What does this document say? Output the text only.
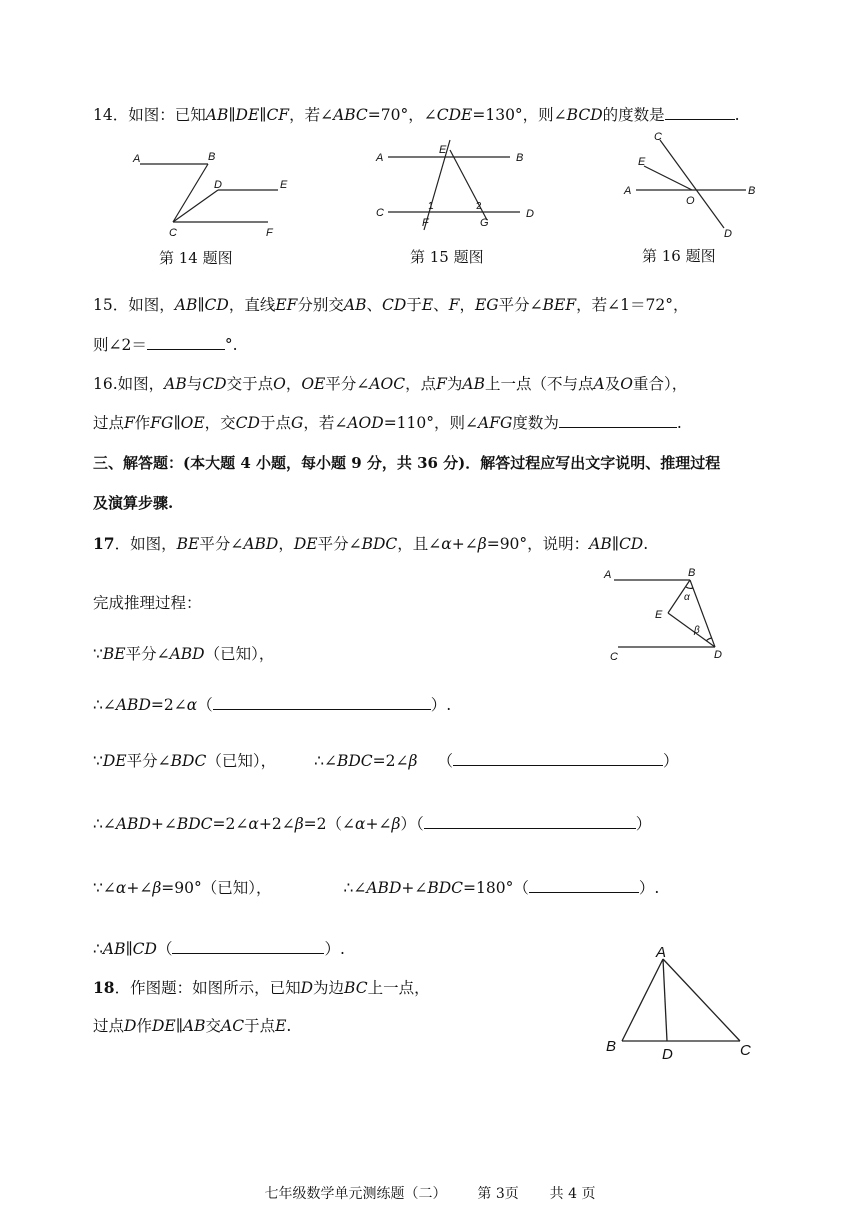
14．如图：已知AB∥DE∥CF，若∠ABC=70°，∠CDE=130°，则∠BCD的度数是	.
A	B
C
D	E
F
第 14 题图
A	B
C	D
E
F	G
1	2
第 15 题图
A	B
C
D
E
O
第 16 题图
15．如图，AB∥CD，直线EF分别交AB、CD于E、F，EG平分∠BEF，若∠1＝72°，
则∠2＝	°.
16.如图，AB与CD交于点O，OE平分∠AOC，点F为AB上一点（不与点A及O重合），
过点F作FG∥OE，交CD于点G，若∠AOD=110°，则∠AFG度数为	.
三、解答题：(本大题 4 小题，每小题 9 分，共 36 分)．解答过程应写出文字说明、推理过程
及演算步骤.
17．如图，BE平分∠ABD，DE平分∠BDC，且∠α+∠β=90°，说明：AB∥CD.
A	B
C	D
E
α
β
完成推理过程：
∵BE平分∠ABD（已知），
∴∠ABD=2∠α（	）.
∵DE平分∠BDC（已知）， ∴∠BDC=2∠β （	）
∴∠ABD+∠BDC=2∠α+2∠β=2（∠α+∠β）（	）
∵∠α+∠β=90°（已知），	∴∠ABD+∠BDC=180°（	）.
∴AB∥CD（	）.
18．作图题：如图所示，已知D为边BC上一点，
过点D作DE∥AB交AC于点E.
A
B	C
D
七年级数学单元测练题（二） 第 3页 共 4 页
